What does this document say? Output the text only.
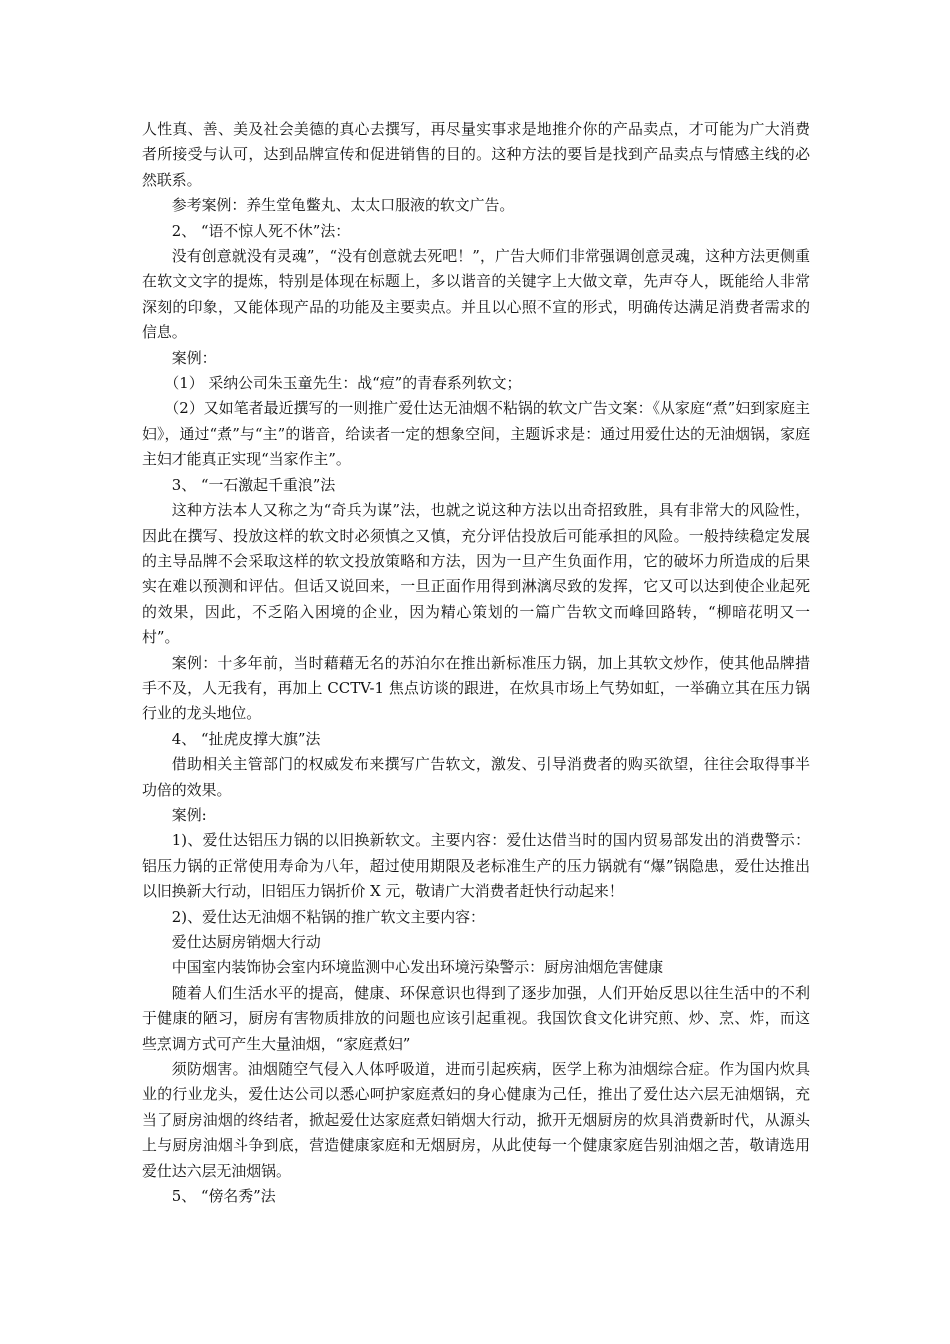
人性真、善、美及社会美德的真心去撰写，再尽量实事求是地推介你的产品卖点，才可能为广大消费者所接受与认可，达到品牌宣传和促进销售的目的。这种方法的要旨是找到产品卖点与情感主线的必然联系。

参考案例：养生堂龟鳖丸、太太口服液的软文广告。

2、 “语不惊人死不休”法：

没有创意就没有灵魂”，“没有创意就去死吧！”，广告大师们非常强调创意灵魂，这种方法更侧重在软文文字的提炼，特别是体现在标题上，多以谐音的关键字上大做文章，先声夺人，既能给人非常深刻的印象，又能体现产品的功能及主要卖点。并且以心照不宣的形式，明确传达满足消费者需求的信息。

案例：

（1） 采纳公司朱玉童先生：战“痘”的青春系列软文；

（2）又如笔者最近撰写的一则推广爱仕达无油烟不粘锅的软文广告文案：《从家庭“煮”妇到家庭主妇》，通过“煮”与“主”的谐音，给读者一定的想象空间，主题诉求是：通过用爱仕达的无油烟锅，家庭主妇才能真正实现“当家作主”。

3、 “一石激起千重浪”法

这种方法本人又称之为“奇兵为谋”法，也就之说这种方法以出奇招致胜，具有非常大的风险性，因此在撰写、投放这样的软文时必须慎之又慎，充分评估投放后可能承担的风险。一般持续稳定发展的主导品牌不会采取这样的软文投放策略和方法，因为一旦产生负面作用，它的破坏力所造成的后果实在难以预测和评估。但话又说回来，一旦正面作用得到淋漓尽致的发挥，它又可以达到使企业起死的效果，因此，不乏陷入困境的企业，因为精心策划的一篇广告软文而峰回路转，“柳暗花明又一村”。

案例：十多年前，当时藉藉无名的苏泊尔在推出新标准压力锅，加上其软文炒作，使其他品牌措手不及，人无我有，再加上 CCTV-1 焦点访谈的跟进，在炊具市场上气势如虹，一举确立其在压力锅行业的龙头地位。

4、 “扯虎皮撑大旗”法

借助相关主管部门的权威发布来撰写广告软文，激发、引导消费者的购买欲望，往往会取得事半功倍的效果。

案例:

1)、爱仕达铝压力锅的以旧换新软文。主要内容：爱仕达借当时的国内贸易部发出的消费警示：铝压力锅的正常使用寿命为八年，超过使用期限及老标准生产的压力锅就有“爆”锅隐患，爱仕达推出以旧换新大行动，旧铝压力锅折价 X 元，敬请广大消费者赶快行动起来！

2)、爱仕达无油烟不粘锅的推广软文主要内容：

爱仕达厨房销烟大行动

中国室内装饰协会室内环境监测中心发出环境污染警示：厨房油烟危害健康

随着人们生活水平的提高，健康、环保意识也得到了逐步加强，人们开始反思以往生活中的不利于健康的陋习，厨房有害物质排放的问题也应该引起重视。我国饮食文化讲究煎、炒、烹、炸，而这些烹调方式可产生大量油烟，“家庭煮妇”

须防烟害。油烟随空气侵入人体呼吸道，进而引起疾病，医学上称为油烟综合症。作为国内炊具业的行业龙头，爱仕达公司以悉心呵护家庭煮妇的身心健康为己任，推出了爱仕达六层无油烟锅，充当了厨房油烟的终结者，掀起爱仕达家庭煮妇销烟大行动，掀开无烟厨房的炊具消费新时代，从源头上与厨房油烟斗争到底，营造健康家庭和无烟厨房，从此使每一个健康家庭告别油烟之苦，敬请选用爱仕达六层无油烟锅。

5、 “傍名秀”法
